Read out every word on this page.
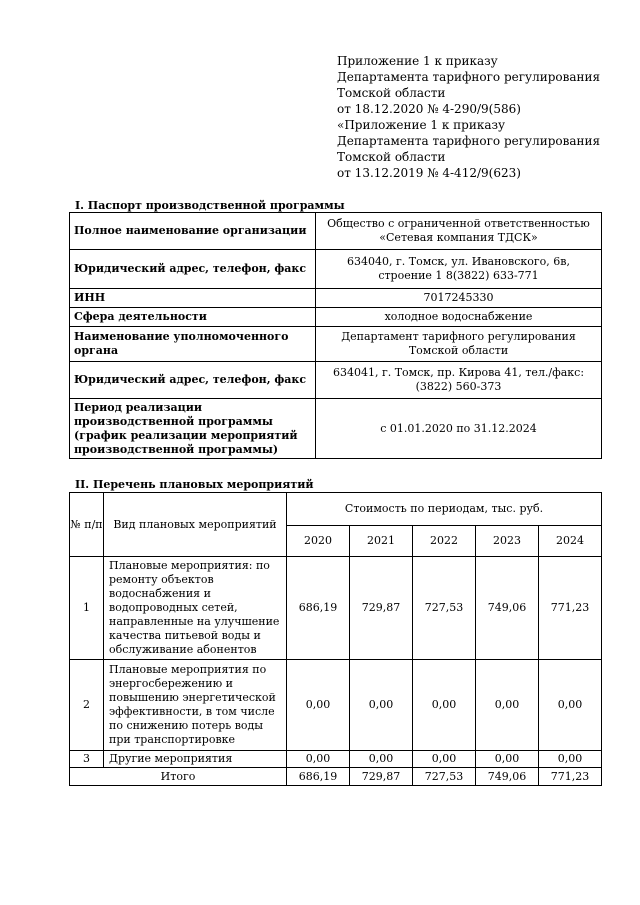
Приложение 1 к приказу
Департамента тарифного регулирования
Томской области
от 18.12.2020 № 4-290/9(586)
«Приложение 1 к приказу
Департамента тарифного регулирования
Томской области
от 13.12.2019 № 4-412/9(623)
I. Паспорт производственной программы
Полное наименование организации	Общество с ограниченной ответственностью «Сетевая компания ТДСК»
Юридический адрес, телефон, факс	634040, г. Томск, ул. Ивановского, 6в, строение 1 8(3822) 633-771
ИНН	7017245330
Сфера деятельности	холодное водоснабжение
Наименование уполномоченного органа	Департамент тарифного регулирования Томской области
Юридический адрес, телефон, факс	634041, г. Томск, пр. Кирова 41, тел./факс: (3822) 560-373
Период реализации производственной программы (график реализации мероприятий производственной программы)	с 01.01.2020 по 31.12.2024
II. Перечень плановых мероприятий
№ п/п	Вид плановых мероприятий	Стоимость по периодам, тыс. руб.				
		2020	2021	2022	2023	2024
1	Плановые мероприятия: по ремонту объектов водоснабжения и водопроводных сетей, направленные на улучшение качества питьевой воды и обслуживание абонентов	686,19	729,87	727,53	749,06	771,23
2	Плановые мероприятия по энергосбережению и повышению энергетической эффективности, в том числе по снижению потерь воды при транспортировке	0,00	0,00	0,00	0,00	0,00
3	Другие мероприятия	0,00	0,00	0,00	0,00	0,00
Итого		686,19	729,87	727,53	749,06	771,23
